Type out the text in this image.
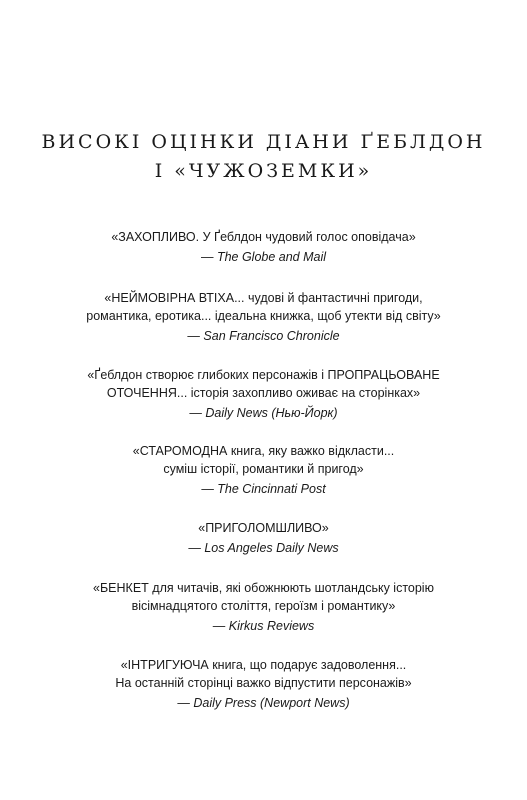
ВИСОКІ ОЦІНКИ ДІАНИ ҐЕБЛДОН
І «ЧУЖОЗЕМКИ»
«ЗАХОПЛИВО. У Ґеблдон чудовий голос оповідача»
— The Globe and Mail
«НЕЙМОВІРНА ВТІХА... чудові й фантастичні пригоди,
романтика, еротика... ідеальна книжка, щоб утекти від світу»
— San Francisco Chronicle
«Ґеблдон створює глибоких персонажів і ПРОПРАЦЬОВАНЕ
ОТОЧЕННЯ... історія захопливо оживає на сторінках»
— Daily News (Нью-Йорк)
«СТАРОМОДНА книга, яку важко відкласти...
суміш історії, романтики й пригод»
— The Cincinnati Post
«ПРИГОЛОМШЛИВО»
— Los Angeles Daily News
«БЕНКЕТ для читачів, які обожнюють шотландську історію
вісімнадцятого століття, героїзм і романтику»
— Kirkus Reviews
«ІНТРИГУЮЧА книга, що подарує задоволення...
На останній сторінці важко відпустити персонажів»
— Daily Press (Newport News)
